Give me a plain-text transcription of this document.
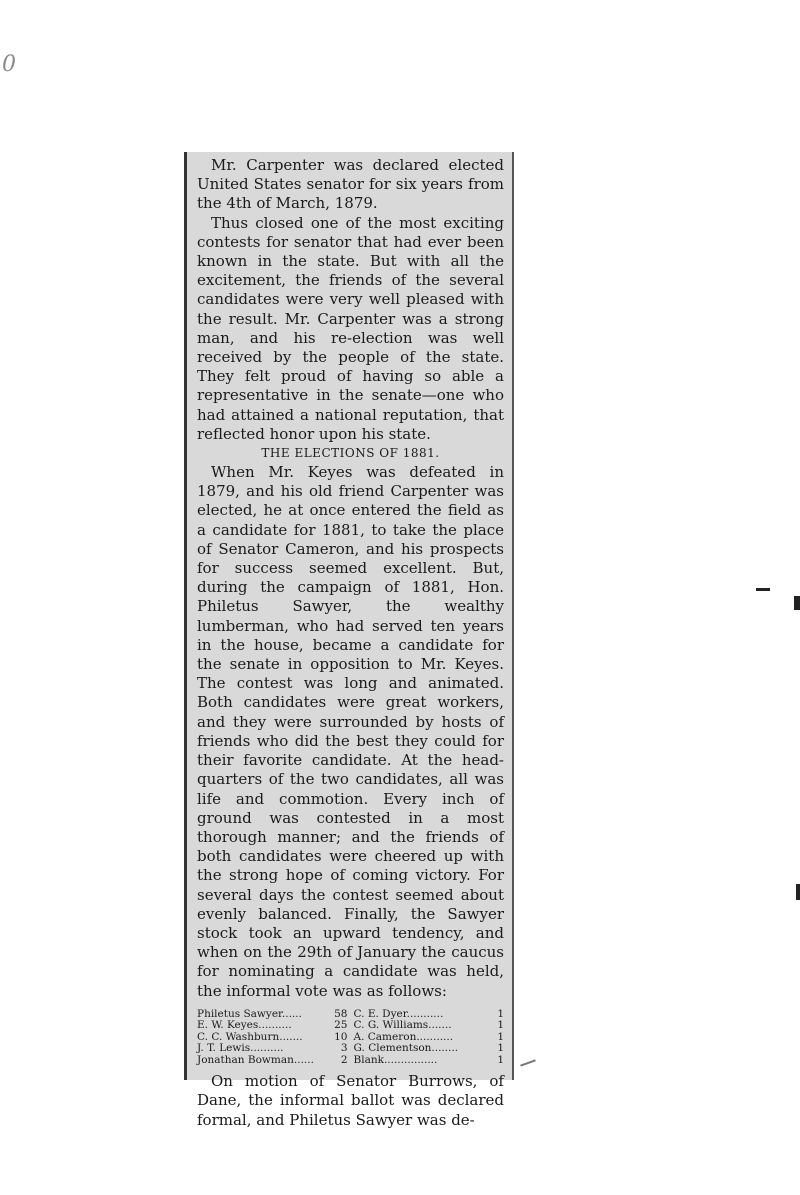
0

Mr. Carpenter was declared elected United States senator for six years from the 4th of March, 1879.

Thus closed one of the most exciting contests for senator that had ever been known in the state. But with all the excitement, the friends of the several candidates were very well pleased with the result. Mr. Carpenter was a strong man, and his re-election was well received by the people of the state. They felt proud of having so able a representative in the senate—one who had attained a national reputation, that reflected honor upon his state.

THE ELECTIONS OF 1881.

When Mr. Keyes was defeated in 1879, and his old friend Carpenter was elected, he at once entered the field as a candidate for 1881, to take the place of Senator Cameron, and his prospects for success seemed excellent. But, during the campaign of 1881, Hon. Philetus Sawyer, the wealthy lumberman, who had served ten years in the house, became a candidate for the senate in opposition to Mr. Keyes. The contest was long and animated. Both candidates were great workers, and they were surrounded by hosts of friends who did the best they could for their favorite candidate. At the head-quarters of the two candidates, all was life and commotion. Every inch of ground was contested in a most thorough manner; and the friends of both candidates were cheered up with the strong hope of coming victory. For several days the contest seemed about evenly balanced. Finally, the Sawyer stock took an upward tendency, and when on the 29th of January the caucus for nominating a candidate was held, the informal vote was as follows:

Philetus Sawyer......	58
E. W. Keyes..........	25
C. C. Washburn.......	10
J. T. Lewis..........	3
Jonathan Bowman......	2
C. E. Dyer...........	1
C. G. Williams.......	1
A. Cameron...........	1
G. Clementson........	1
Blank................	1

On motion of Senator Burrows, of Dane, the informal ballot was declared formal, and Philetus Sawyer was de-
